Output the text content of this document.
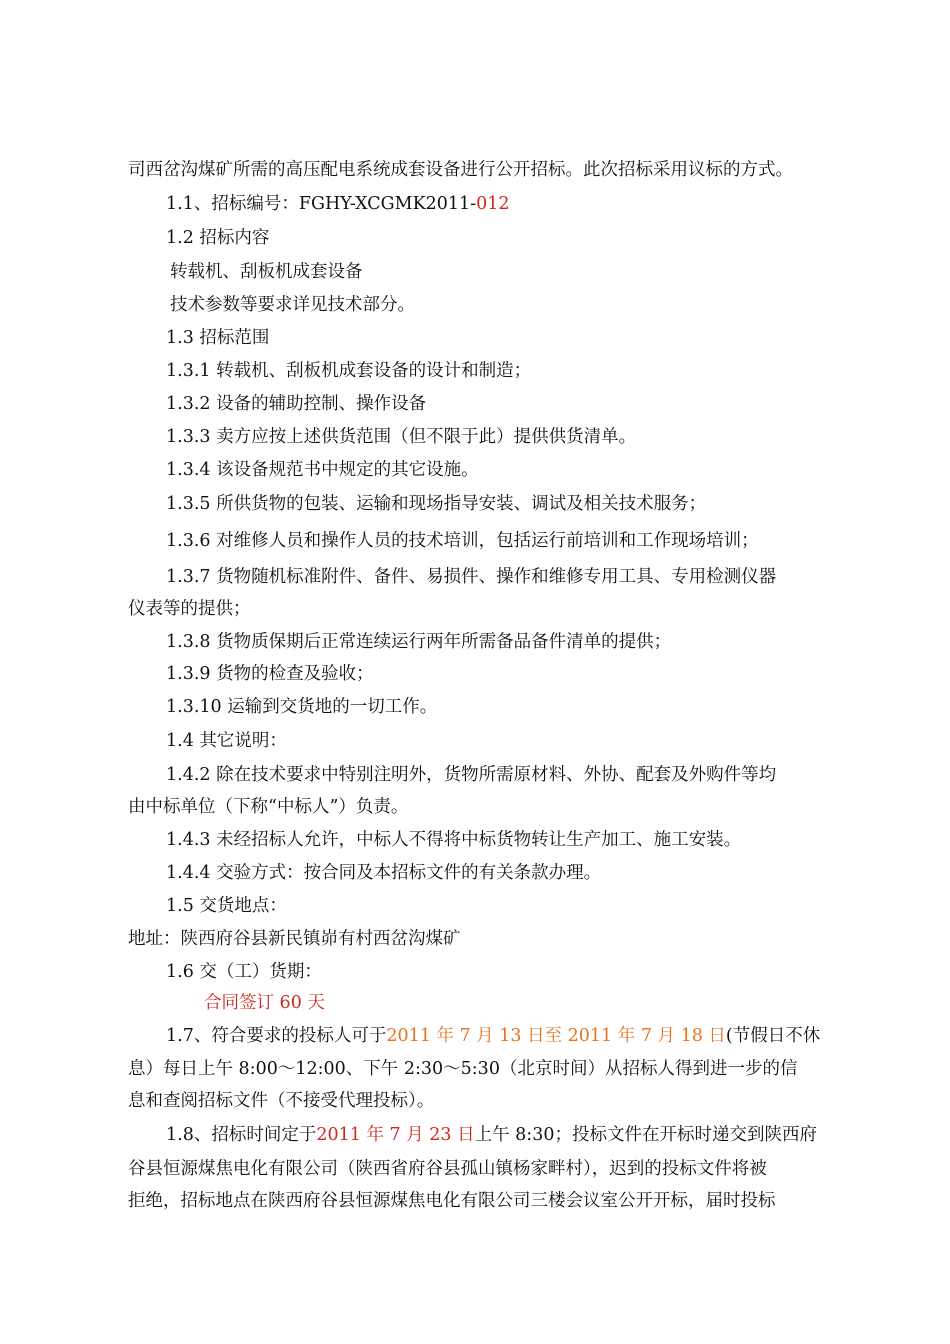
司西岔沟煤矿所需的高压配电系统成套设备进行公开招标。此次招标采用议标的方式。
1.1、招标编号：FGHY-XCGMK2011-012
1.2 招标内容
转载机、刮板机成套设备
技术参数等要求详见技术部分。
1.3 招标范围
1.3.1 转载机、刮板机成套设备的设计和制造；
1.3.2 设备的辅助控制、操作设备
1.3.3 卖方应按上述供货范围（但不限于此）提供供货清单。
1.3.4 该设备规范书中规定的其它设施。
1.3.5 所供货物的包装、运输和现场指导安装、调试及相关技术服务；
1.3.6 对维修人员和操作人员的技术培训，包括运行前培训和工作现场培训；
1.3.7 货物随机标准附件、备件、易损件、操作和维修专用工具、专用检测仪器
仪表等的提供；
1.3.8 货物质保期后正常连续运行两年所需备品备件清单的提供；
1.3.9 货物的检查及验收；
1.3.10 运输到交货地的一切工作。
1.4 其它说明：
1.4.2 除在技术要求中特别注明外，货物所需原材料、外协、配套及外购件等均
由中标单位（下称“中标人”）负责。
1.4.3 未经招标人允许，中标人不得将中标货物转让生产加工、施工安装。
1.4.4 交验方式：按合同及本招标文件的有关条款办理。
1.5 交货地点：
地址：陕西府谷县新民镇峁有村西岔沟煤矿
1.6 交（工）货期：
合同签订 60 天
1.7、符合要求的投标人可于2011 年 7 月 13 日至 2011 年 7 月 18 日(节假日不休
息）每日上午 8:00～12:00、下午 2:30～5:30（北京时间）从招标人得到进一步的信
息和查阅招标文件（不接受代理投标）。
1.8、招标时间定于2011 年 7 月 23 日上午 8:30；投标文件在开标时递交到陕西府
谷县恒源煤焦电化有限公司（陕西省府谷县孤山镇杨家畔村），迟到的投标文件将被
拒绝，招标地点在陕西府谷县恒源煤焦电化有限公司三楼会议室公开开标，届时投标
